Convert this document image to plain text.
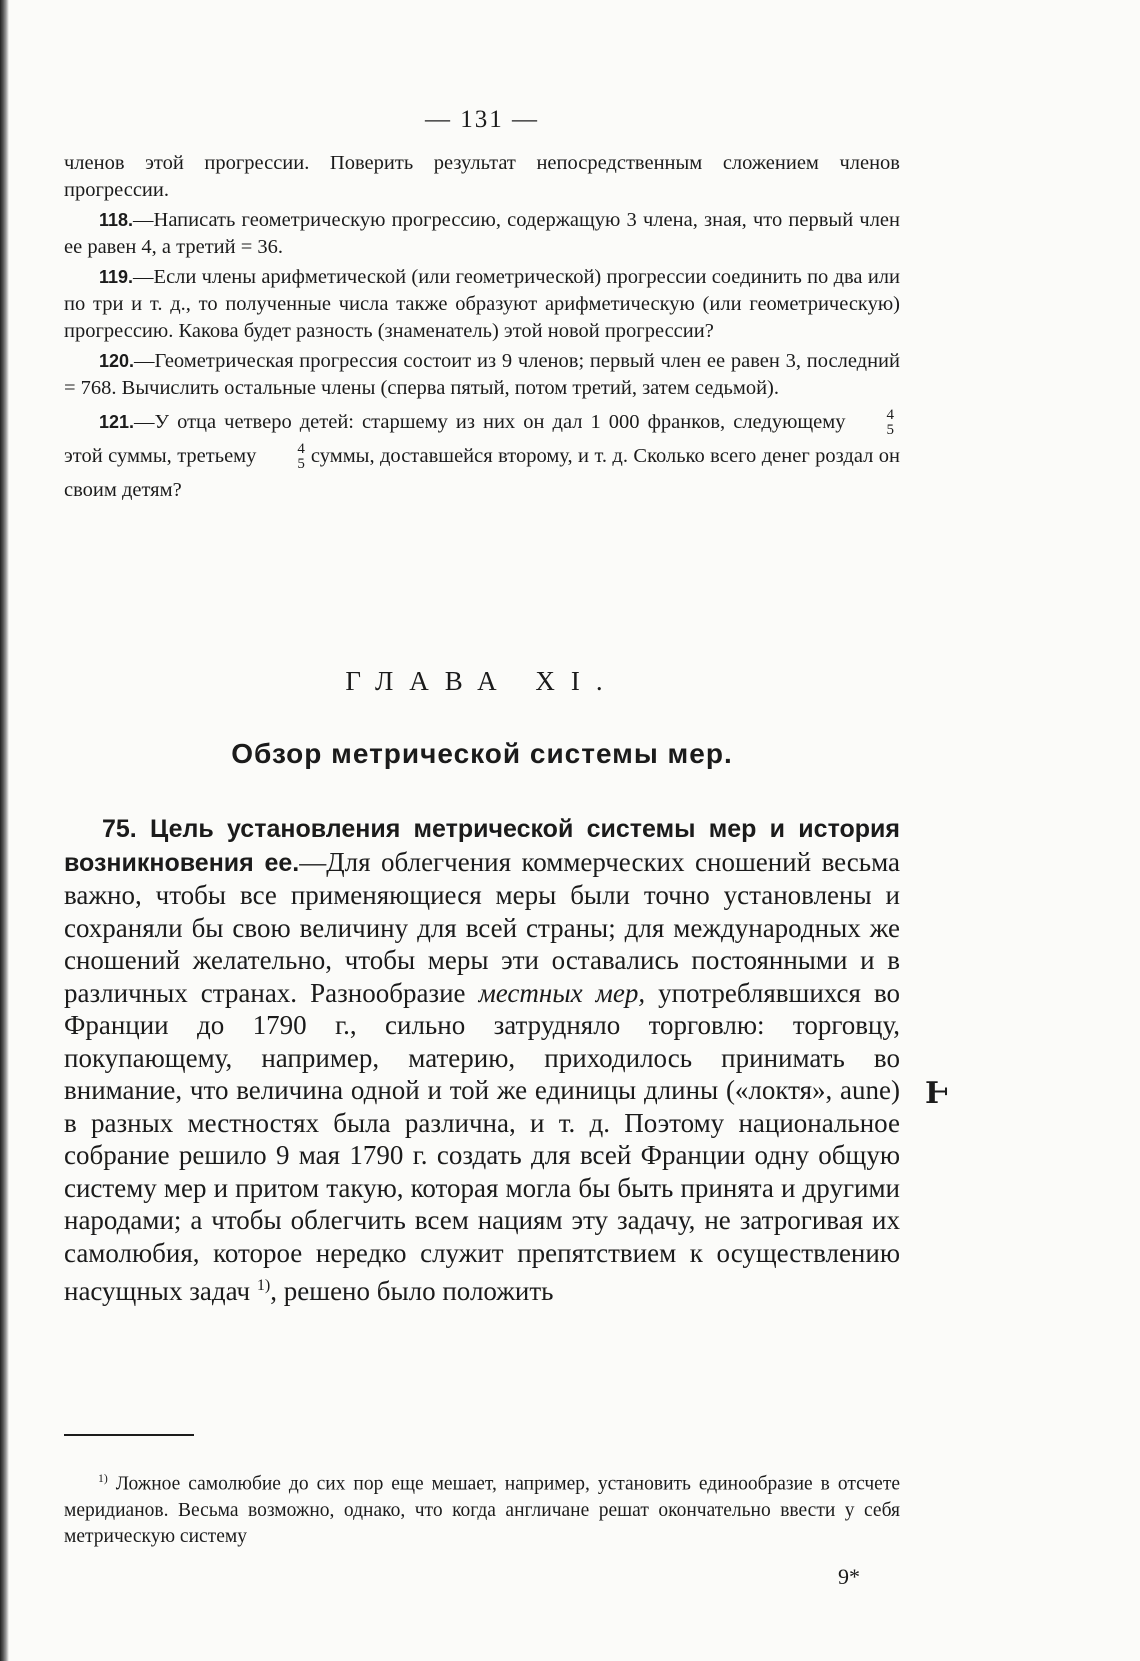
— 131 —

членов этой прогрессии. Поверить результат непосредственным сложением членов прогрессии.

118.—Написать геометрическую прогрессию, содержащую 3 члена, зная, что первый член ее равен 4, а третий = 36.

119.—Если члены арифметической (или геометрической) прогрессии соединить по два или по три и т. д., то полученные числа также образуют арифметическую (или геометрическую) прогрессию. Какова будет разность (знаменатель) этой новой прогрессии?

120.—Геометрическая прогрессия состоит из 9 членов; первый член ее равен 3, последний = 768. Вычислить остальные члены (сперва пятый, потом третий, затем седьмой).

121.—У отца четверо детей: старшему из них он дал 1 000 франков, следующему	4
5
этой суммы, третьему	4
5 суммы, доставшейся второму, и т. д. Сколько всего денег роздал он своим детям?

ГЛАВА XI.
Обзор метрической системы мер.

75. Цель установления метрической системы мер и история возникновения ее.—Для облегчения коммерческих сношений весьма важно, чтобы все применяющиеся меры были точно установлены и сохраняли бы свою величину для всей страны; для международных же сношений желательно, чтобы меры эти оставались постоянными и в различных странах. Разнообразие местных мер, употреблявшихся во Франции до 1790 г., сильно затрудняло торговлю: торговцу, покупающему, например, материю, приходилось принимать во внимание, что величина одной и той же единицы длины («локтя», aune) в разных местностях была различна, и т. д. Поэтому национальное собрание решило 9 мая 1790 г. создать для всей Франции одну общую систему мер и притом такую, которая могла бы быть принята и другими народами; а чтобы облегчить всем нациям эту задачу, не затрогивая их самолюбия, которое нередко служит препятствием к осуществлению насущных задач $^{1)}$, решено было положить

$^{1)}$ Ложное самолюбие до сих пор еще мешает, например, установить единообразие в отсчете меридианов. Весьма возможно, однако, что когда англичане решат окончательно ввести у себя метрическую систему

9*
Ͱ
